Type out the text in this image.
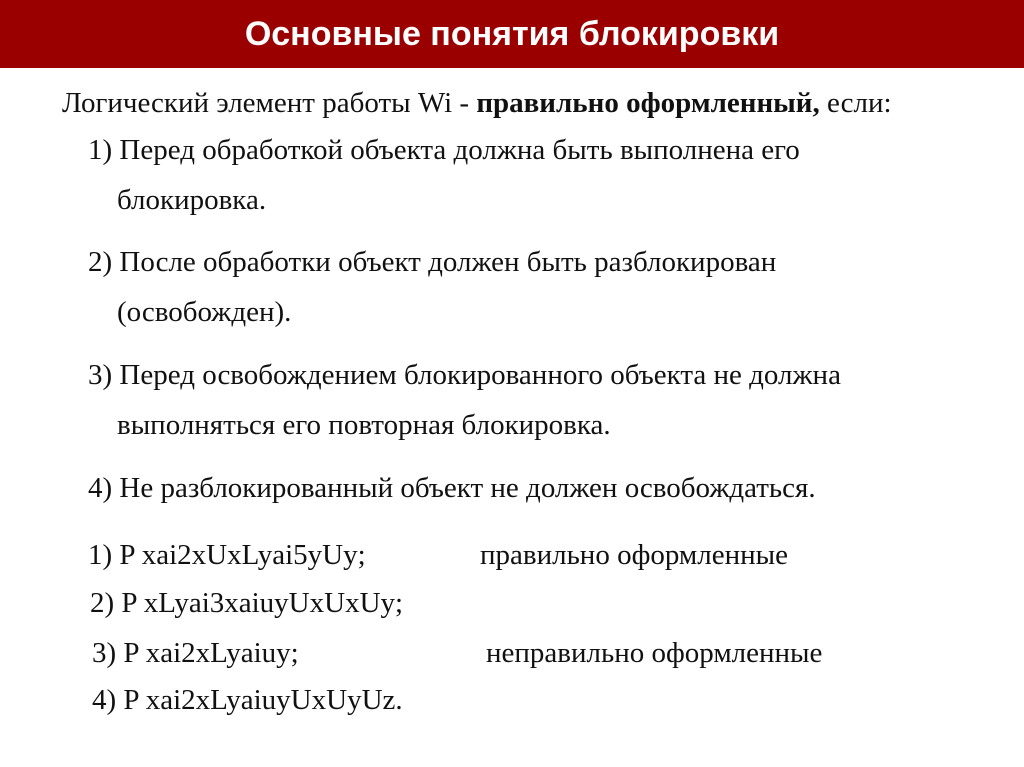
Основные понятия блокировки
Логический элемент работы Wi - правильно оформленный, если:
1) Перед обработкой объекта должна быть выполнена его
блокировка.
2) После обработки объект должен быть разблокирован
(освобожден).
3) Перед освобождением блокированного объекта не должна
выполняться его повторная блокировка.
4) Не разблокированный объект не должен освобождаться.
1) P xai2xUxLyai5yUy;
2) P xLyai3xaiuyUxUxUy;
3) P xai2xLyaiuy;
4) P xai2xLyaiuyUxUyUz.
правильно оформленные
неправильно оформленные
